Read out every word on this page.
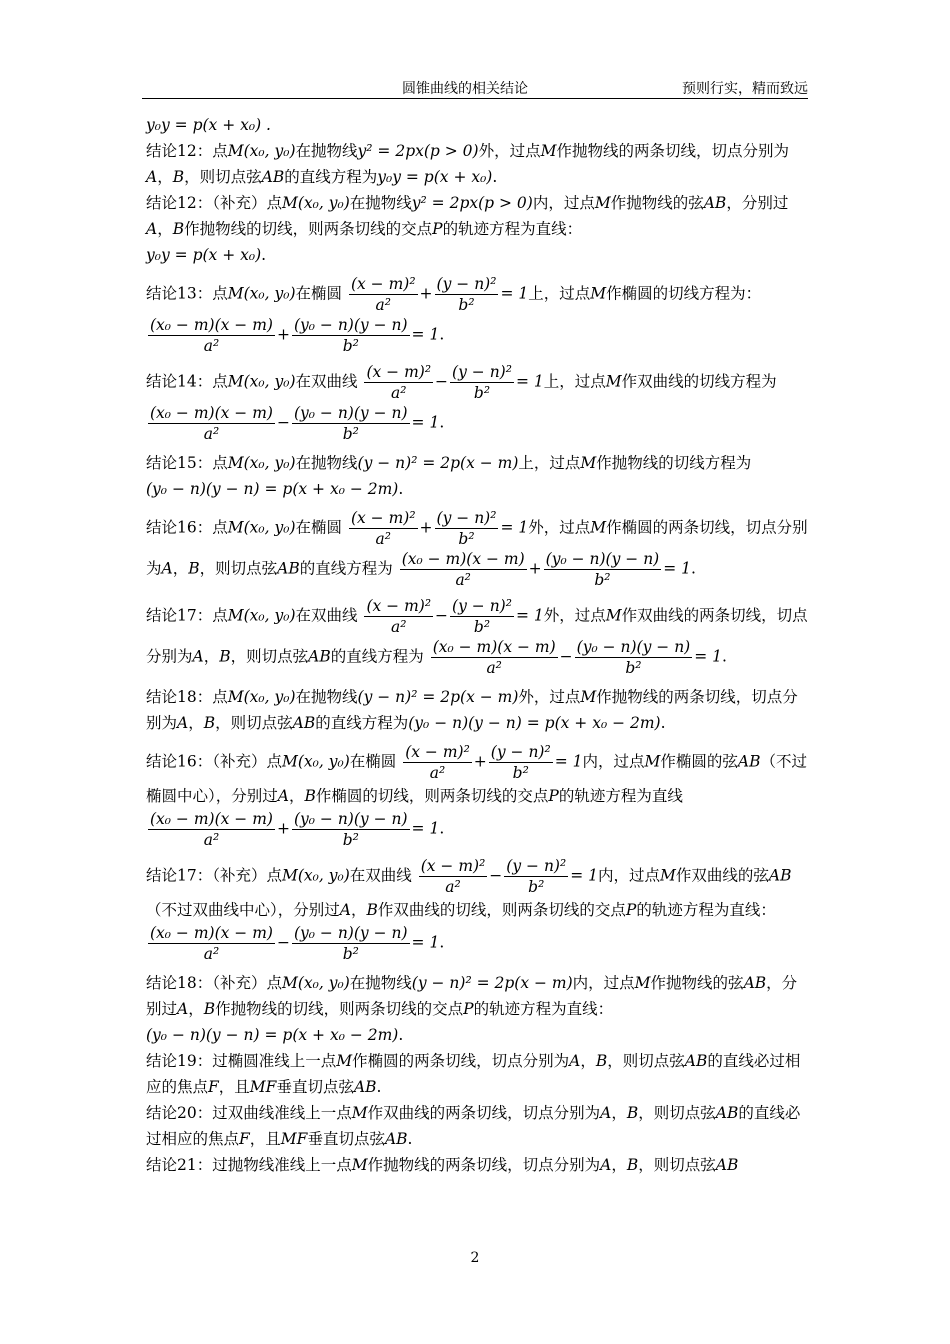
圆锥曲线的相关结论	预则行实，精而致远

y₀y = p(x + x₀) .

结论12：点M(x₀, y₀)在抛物线y² = 2px(p > 0)外，过点M作抛物线的两条切线，切点分别为A，B，则切点弦AB的直线方程为y₀y = p(x + x₀).

结论12：（补充）点M(x₀, y₀)在抛物线y² = 2px(p > 0)内，过点M作抛物线的弦AB，分别过A，B作抛物线的切线，则两条切线的交点P的轨迹方程为直线：
y₀y = p(x + x₀).

结论13：点M(x₀, y₀)在椭圆 $\frac{\text{(x − m)²}}{\text{a²}} + \frac{\text{(y − n)²}}{\text{b²}} = 1$上，过点M作椭圆的切线方程为：

$\frac{\text{(x₀ − m)(x − m)}}{\text{a²}} + \frac{\text{(y₀ − n)(y − n)}}{\text{b²}} = 1$.

结论14：点M(x₀, y₀)在双曲线 $\frac{\text{(x − m)²}}{\text{a²}} - \frac{\text{(y − n)²}}{\text{b²}} = 1$上，过点M作双曲线的切线方程为

$\frac{\text{(x₀ − m)(x − m)}}{\text{a²}} - \frac{\text{(y₀ − n)(y − n)}}{\text{b²}} = 1$.

结论15：点M(x₀, y₀)在抛物线(y − n)² = 2p(x − m)上，过点M作抛物线的切线方程为
(y₀ − n)(y − n) = p(x + x₀ − 2m).

结论16：点M(x₀, y₀)在椭圆 $\frac{\text{(x − m)²}}{\text{a²}} + \frac{\text{(y − n)²}}{\text{b²}} = 1$外，过点M作椭圆的两条切线，切点分别为A，B，则切点弦AB的直线方程为 $\frac{\text{(x₀ − m)(x − m)}}{\text{a²}} + \frac{\text{(y₀ − n)(y − n)}}{\text{b²}} = 1$.

结论17：点M(x₀, y₀)在双曲线 $\frac{\text{(x − m)²}}{\text{a²}} - \frac{\text{(y − n)²}}{\text{b²}} = 1$外，过点M作双曲线的两条切线，切点分别为A，B，则切点弦AB的直线方程为 $\frac{\text{(x₀ − m)(x − m)}}{\text{a²}} - \frac{\text{(y₀ − n)(y − n)}}{\text{b²}} = 1$.

结论18：点M(x₀, y₀)在抛物线(y − n)² = 2p(x − m)外，过点M作抛物线的两条切线，切点分别为A，B，则切点弦AB的直线方程为(y₀ − n)(y − n) = p(x + x₀ − 2m).

结论16：（补充）点M(x₀, y₀)在椭圆 $\frac{\text{(x − m)²}}{\text{a²}} + \frac{\text{(y − n)²}}{\text{b²}} = 1$内，过点M作椭圆的弦AB（不过椭圆中心），分别过A，B作椭圆的切线，则两条切线的交点P的轨迹方程为直线
$\frac{\text{(x₀ − m)(x − m)}}{\text{a²}} + \frac{\text{(y₀ − n)(y − n)}}{\text{b²}} = 1$.

结论17：（补充）点M(x₀, y₀)在双曲线 $\frac{\text{(x − m)²}}{\text{a²}} - \frac{\text{(y − n)²}}{\text{b²}} = 1$内，过点M作双曲线的弦AB（不过双曲线中心），分别过A，B作双曲线的切线，则两条切线的交点P的轨迹方程为直线：
$\frac{\text{(x₀ − m)(x − m)}}{\text{a²}} - \frac{\text{(y₀ − n)(y − n)}}{\text{b²}} = 1$.

结论18：（补充）点M(x₀, y₀)在抛物线(y − n)² = 2p(x − m)内，过点M作抛物线的弦AB，分别过A，B作抛物线的切线，则两条切线的交点P的轨迹方程为直线：
(y₀ − n)(y − n) = p(x + x₀ − 2m).

结论19：过椭圆准线上一点M作椭圆的两条切线，切点分别为A，B，则切点弦AB的直线必过相应的焦点F，且MF垂直切点弦AB.

结论20：过双曲线准线上一点M作双曲线的两条切线，切点分别为A，B，则切点弦AB的直线必过相应的焦点F，且MF垂直切点弦AB.

结论21：过抛物线准线上一点M作抛物线的两条切线，切点分别为A，B，则切点弦AB

2
